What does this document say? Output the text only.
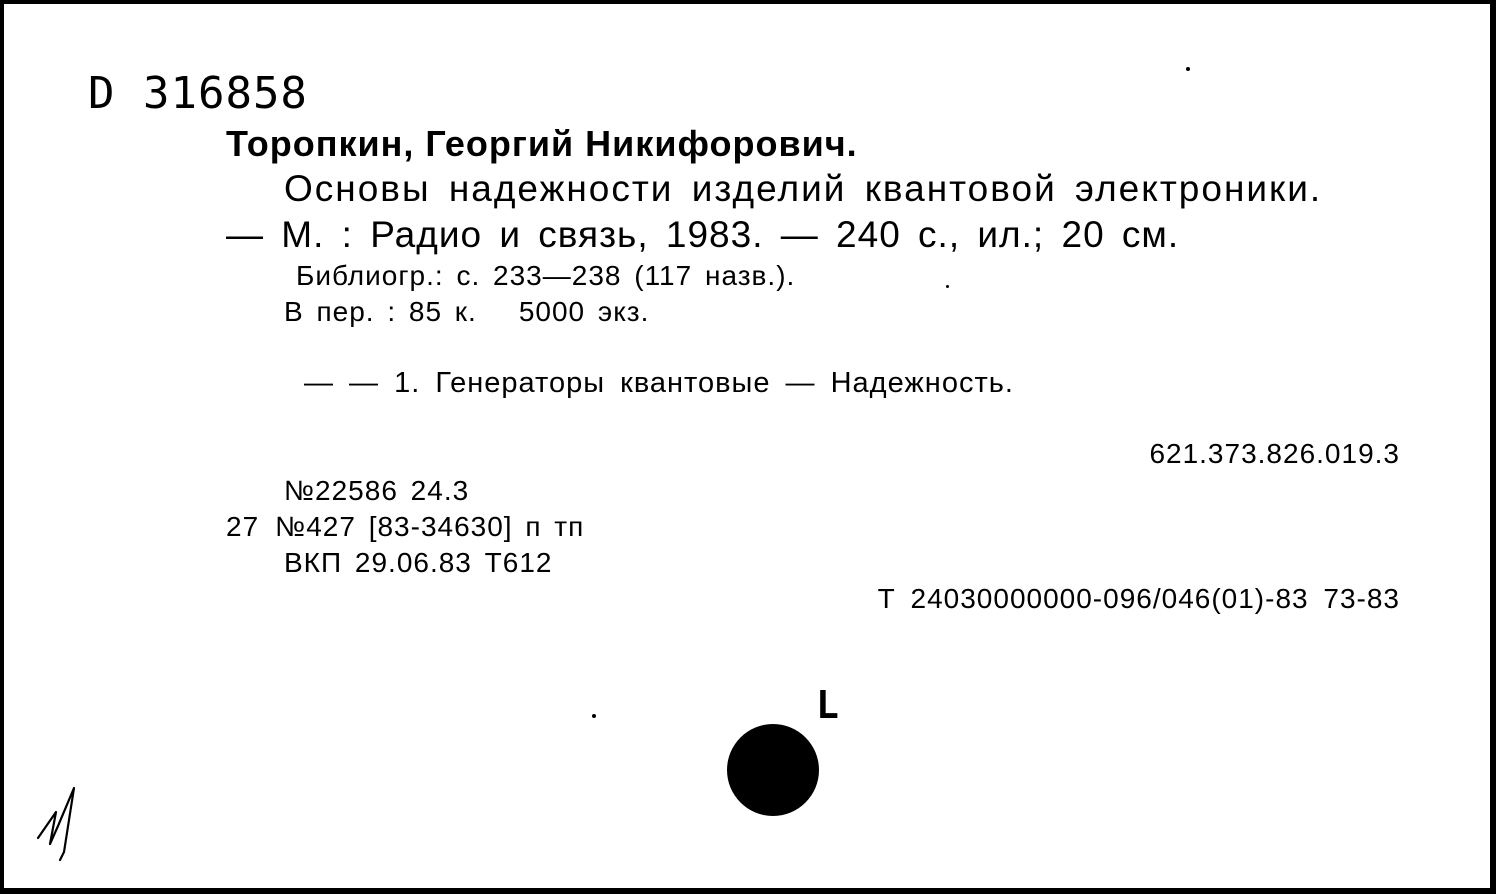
D 316858
Торопкин, Георгий Никифорович.
Основы надежности изделий квантовой электроники.
— М. : Радио и связь, 1983. — 240 с., ил.; 20 см.
Библиогр.: с. 233—238 (117 назв.).
В пер. : 85 к. 5000 экз.
— — 1. Генераторы квантовые — Надежность.
621.373.826.019.3
№22586 24.3
27 №427 [83-34630] п тп
ВКП 29.06.83 Т612
Т 24030000000-096/046(01)-83 73-83
L
